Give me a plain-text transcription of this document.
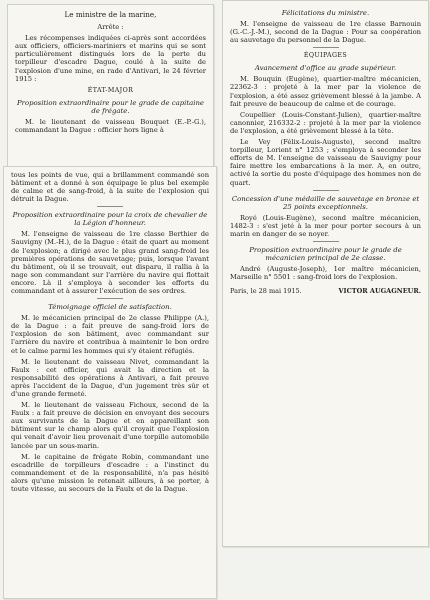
Le ministre de la marine,

Arrête :

Les récompenses indiquées ci-après sont accordées aux officiers, officiers-mariniers et marins qui se sont particulièrement distingués lors de la perte du torpilleur d'escadre Dague, coulé à la suite de l'explosion d'une mine, en rade d'Antivari, le 24 février 1915 :

ÉTAT-MAJOR

Proposition extraordinaire pour le grade de capitaine de frégate.

M. le lieutenant de vaisseau Bouquet (E.-P.-G.), commandant la Dague : officier hors ligne à

tous les points de vue, qui a brillamment commandé son bâtiment et a donné à son équipage le plus bel exemple de calme et de sang-froid, à la suite de l'explosion qui détruit la Dague.

Proposition extraordinaire pour la croix de chevalier de la Légion d'honneur.

M. l'enseigne de vaisseau de 1re classe Berthier de Sauvigny (M.-H.), de la Dague : était de quart au moment de l'explosion; a dirigé avec le plus grand sang-froid les premières opérations de sauvetage; puis, lorsque l'avant du bâtiment, où il se trouvait, eut disparu, il rallia à la nage son commandant sur l'arrière du navire qui flottait encore. Là il s'employa à seconder les efforts du commandant et à assurer l'exécution de ses ordres.

Témoignage officiel de satisfaction.

M. le mécanicien principal de 2e classe Philippe (A.), de la Dague : a fait preuve de sang-froid lors de l'explosion de son bâtiment, avec commandant sur l'arrière du navire et contribua à maintenir le bon ordre et le calme parmi les hommes qui s'y étaient réfugiés.

M. le lieutenant de vaisseau Nivet, commandant la Faulx : cet officier, qui avait la direction et la responsabilité des opérations à Antivari, a fait preuve après l'accident de la Dague, d'un jugement très sûr et d'une grande fermeté.

M. le lieutenant de vaisseau Fichoux, second de la Faulx : a fait preuve de décision en envoyant des secours aux survivants de la Dague et en appareillant son bâtiment sur le champ alors qu'il croyait que l'explosion qui venait d'avoir lieu provenait d'une torpille automobile lancée par un sous-marin.

M. le capitaine de frégate Robin, commandant une escadrille de torpilleurs d'escadre : a l'instinct du commandement et de la responsabilité, n'a pas hésité alors qu'une mission le retenait ailleurs, à se porter, à toute vitesse, au secours de la Faulx et de la Dague.

Félicitations du ministre.

M. l'enseigne de vaisseau de 1re classe Barnouin (G.-C.-J.-M.), second de la Dague : Pour sa coopération au sauvetage du personnel de la Dague.

ÉQUIPAGES

Avancement d'office au grade supérieur.

M. Bouquin (Eugène), quartier-maître mécanicien, 22362-3 : projeté à la mer par la violence de l'explosion, a été assez grièvement blessé à la jambe. A fait preuve de beaucoup de calme et de courage.

Coupellier (Louis-Constant-Julien), quartier-maître canonnier, 216332-2 : projeté à la mer par la violence de l'explosion, a été grièvement blessé à la tête.

Le Vey (Félix-Louis-Auguste), second maître torpilleur, Lorient n° 1253 ; s'employa à seconder les efforts de M. l'enseigne de vaisseau de Sauvigny pour faire mettre les embarcations à la mer. A, en outre, activé la sortie du poste d'équipage des hommes non de quart.

Concession d'une médaille de sauvetage en bronze et 25 points exceptionnels.

Royé (Louis-Eugène), second maître mécanicien, 1482-3 : s'est jeté à la mer pour porter secours à un marin en danger de se noyer.

Proposition extraordinaire pour le grade de mécanicien principal de 2e classe.

André (Auguste-Joseph), 1er maître mécanicien, Marseille n° 5501 : sang-froid lors de l'explosion.

Paris, le 28 mai 1915.	VICTOR AUGAGNEUR.
